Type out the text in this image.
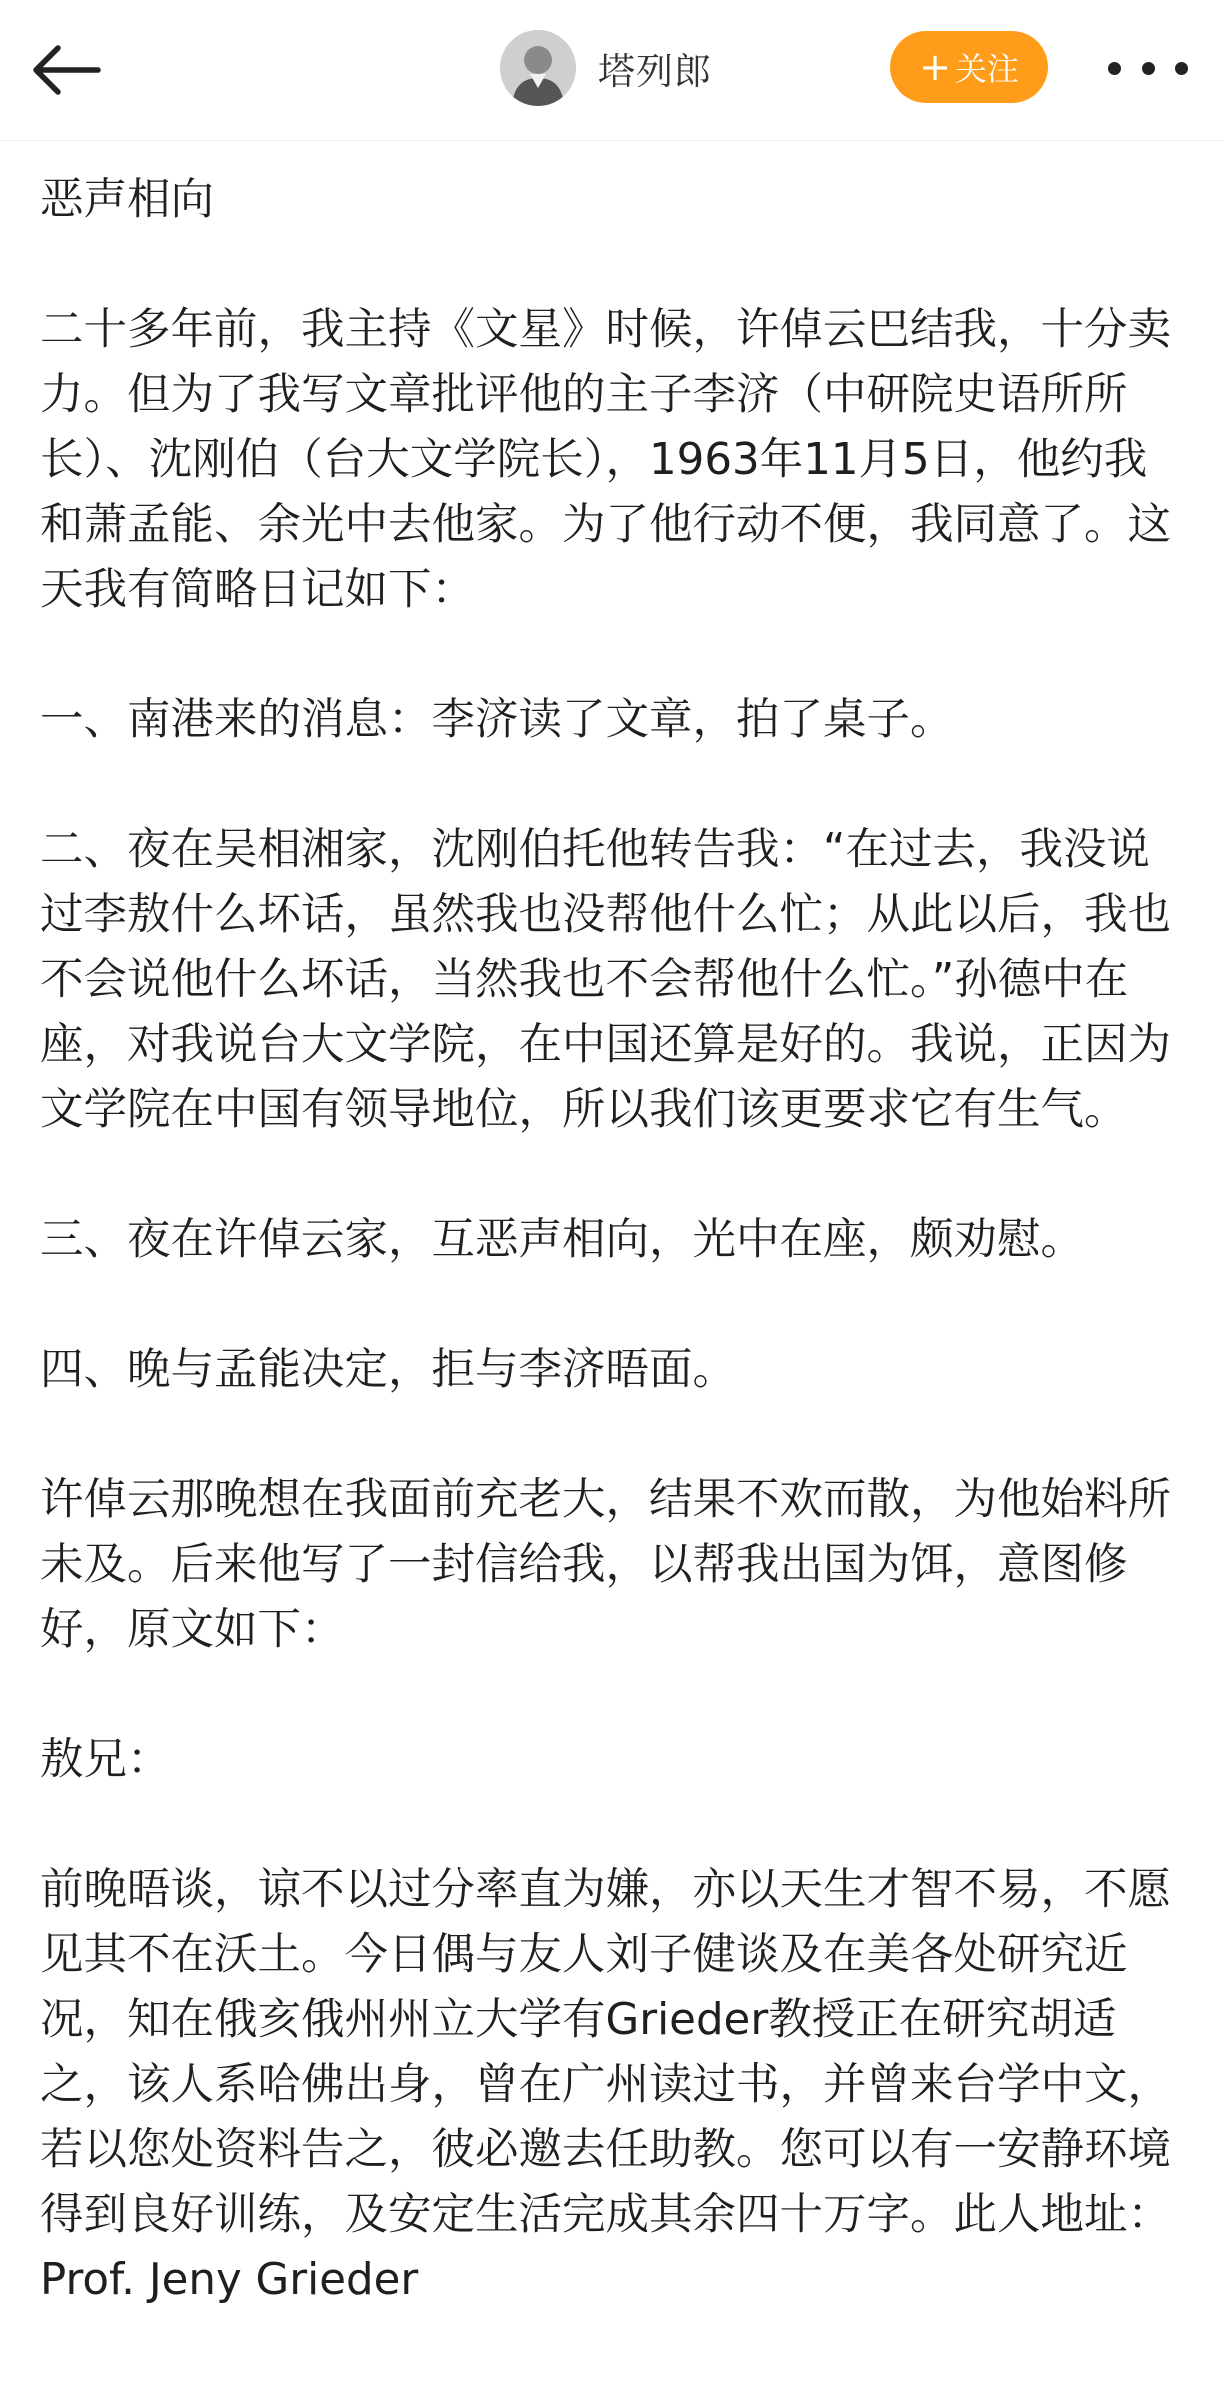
塔列郎	+ 关注

恶声相向

二十多年前，我主持《文星》时候，许倬云巴结我，十分卖力。但为了我写文章批评他的主子李济（中研院史语所所长）、沈刚伯（台大文学院长），1963年11月5日，他约我和萧孟能、余光中去他家。为了他行动不便，我同意了。这天我有简略日记如下：

一、南港来的消息：李济读了文章，拍了桌子。

二、夜在吴相湘家，沈刚伯托他转告我：“在过去，我没说过李敖什么坏话，虽然我也没帮他什么忙；从此以后，我也不会说他什么坏话，当然我也不会帮他什么忙。”孙德中在座，对我说台大文学院，在中国还算是好的。我说，正因为文学院在中国有领导地位，所以我们该更要求它有生气。

三、夜在许倬云家，互恶声相向，光中在座，颇劝慰。

四、晚与孟能决定，拒与李济晤面。

许倬云那晚想在我面前充老大，结果不欢而散，为他始料所未及。后来他写了一封信给我，以帮我出国为饵，意图修好，原文如下：

敖兄：

前晚晤谈，谅不以过分率直为嫌，亦以天生才智不易，不愿见其不在沃土。今日偶与友人刘子健谈及在美各处研究近况，知在俄亥俄州州立大学有Grieder教授正在研究胡适之，该人系哈佛出身，曾在广州读过书，并曾来台学中文，若以您处资料告之，彼必邀去任助教。您可以有一安静环境得到良好训练，及安定生活完成其余四十万字。此人地址：Prof. Jeny Grieder
